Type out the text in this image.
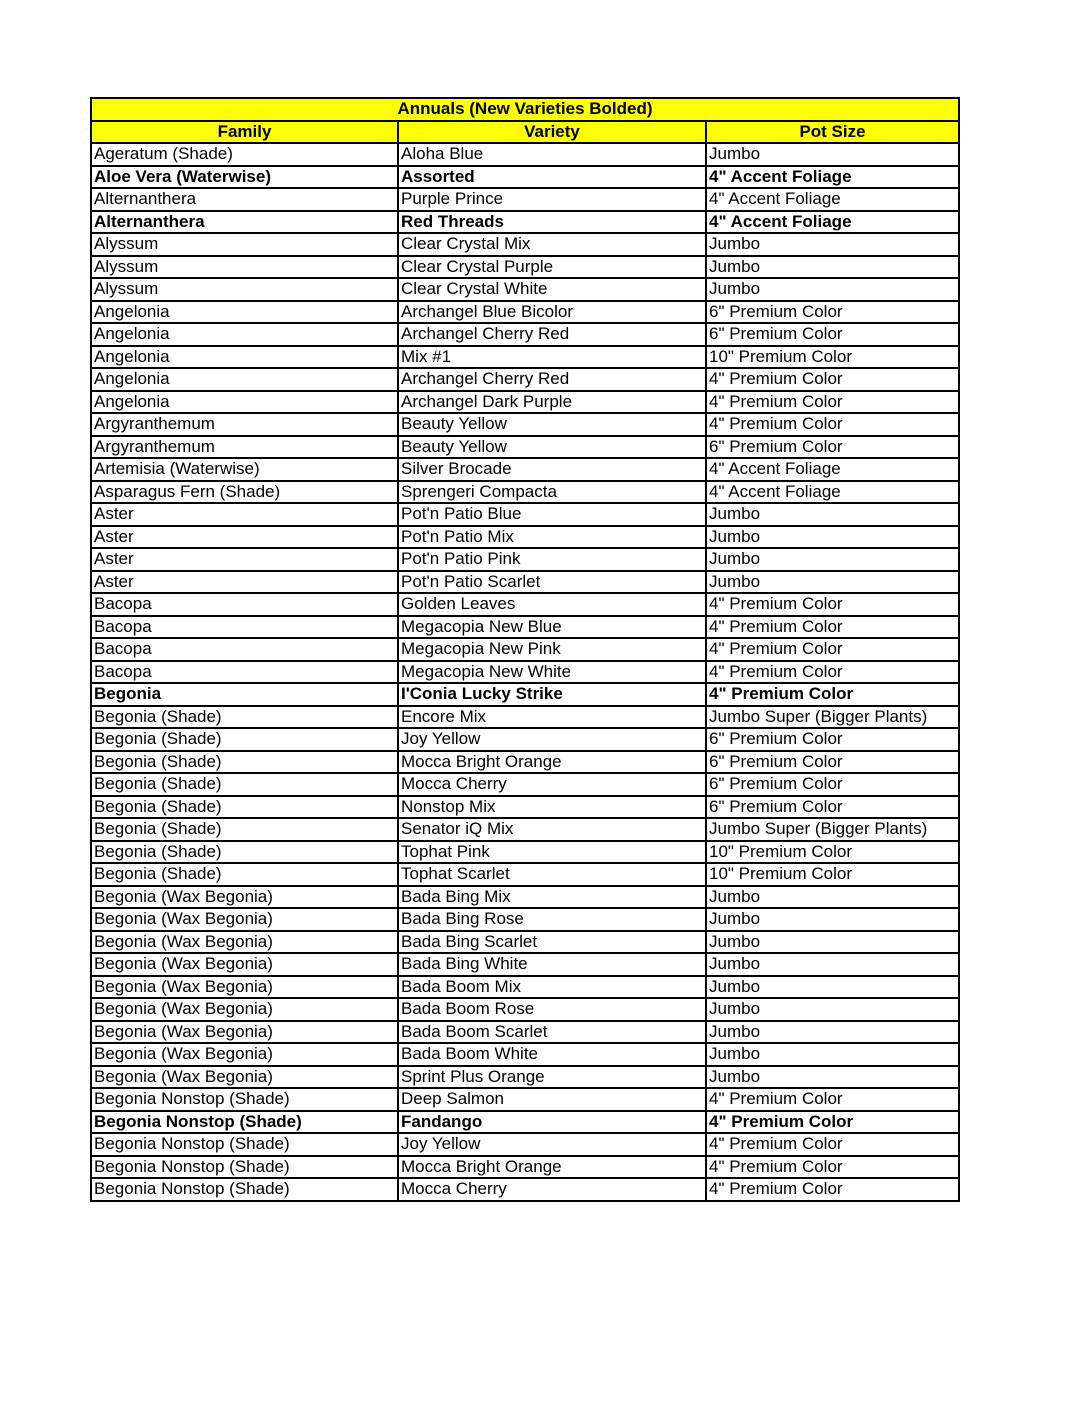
Annuals (New Varieties Bolded)		
Family	Variety	Pot Size
Ageratum (Shade)	Aloha Blue	Jumbo
Aloe Vera (Waterwise)	Assorted	4" Accent Foliage
Alternanthera	Purple Prince	4" Accent Foliage
Alternanthera	Red Threads	4" Accent Foliage
Alyssum	Clear Crystal Mix	Jumbo
Alyssum	Clear Crystal Purple	Jumbo
Alyssum	Clear Crystal White	Jumbo
Angelonia	Archangel Blue Bicolor	6" Premium Color
Angelonia	Archangel Cherry Red	6" Premium Color
Angelonia	Mix #1	10" Premium Color
Angelonia	Archangel Cherry Red	4" Premium Color
Angelonia	Archangel Dark Purple	4" Premium Color
Argyranthemum	Beauty Yellow	4" Premium Color
Argyranthemum	Beauty Yellow	6" Premium Color
Artemisia (Waterwise)	Silver Brocade	4" Accent Foliage
Asparagus Fern (Shade)	Sprengeri Compacta	4" Accent Foliage
Aster	Pot'n Patio Blue	Jumbo
Aster	Pot'n Patio Mix	Jumbo
Aster	Pot'n Patio Pink	Jumbo
Aster	Pot'n Patio Scarlet	Jumbo
Bacopa	Golden Leaves	4" Premium Color
Bacopa	Megacopia New Blue	4" Premium Color
Bacopa	Megacopia New Pink	4" Premium Color
Bacopa	Megacopia New White	4" Premium Color
Begonia	I'Conia Lucky Strike	4" Premium Color
Begonia (Shade)	Encore Mix	Jumbo Super (Bigger Plants)
Begonia (Shade)	Joy Yellow	6" Premium Color
Begonia (Shade)	Mocca Bright Orange	6" Premium Color
Begonia (Shade)	Mocca Cherry	6" Premium Color
Begonia (Shade)	Nonstop Mix	6" Premium Color
Begonia (Shade)	Senator iQ Mix	Jumbo Super (Bigger Plants)
Begonia (Shade)	Tophat Pink	10" Premium Color
Begonia (Shade)	Tophat Scarlet	10" Premium Color
Begonia (Wax Begonia)	Bada Bing Mix	Jumbo
Begonia (Wax Begonia)	Bada Bing Rose	Jumbo
Begonia (Wax Begonia)	Bada Bing Scarlet	Jumbo
Begonia (Wax Begonia)	Bada Bing White	Jumbo
Begonia (Wax Begonia)	Bada Boom Mix	Jumbo
Begonia (Wax Begonia)	Bada Boom Rose	Jumbo
Begonia (Wax Begonia)	Bada Boom Scarlet	Jumbo
Begonia (Wax Begonia)	Bada Boom White	Jumbo
Begonia (Wax Begonia)	Sprint Plus Orange	Jumbo
Begonia Nonstop (Shade)	Deep Salmon	4" Premium Color
Begonia Nonstop (Shade)	Fandango	4" Premium Color
Begonia Nonstop (Shade)	Joy Yellow	4" Premium Color
Begonia Nonstop (Shade)	Mocca Bright Orange	4" Premium Color
Begonia Nonstop (Shade)	Mocca Cherry	4" Premium Color
